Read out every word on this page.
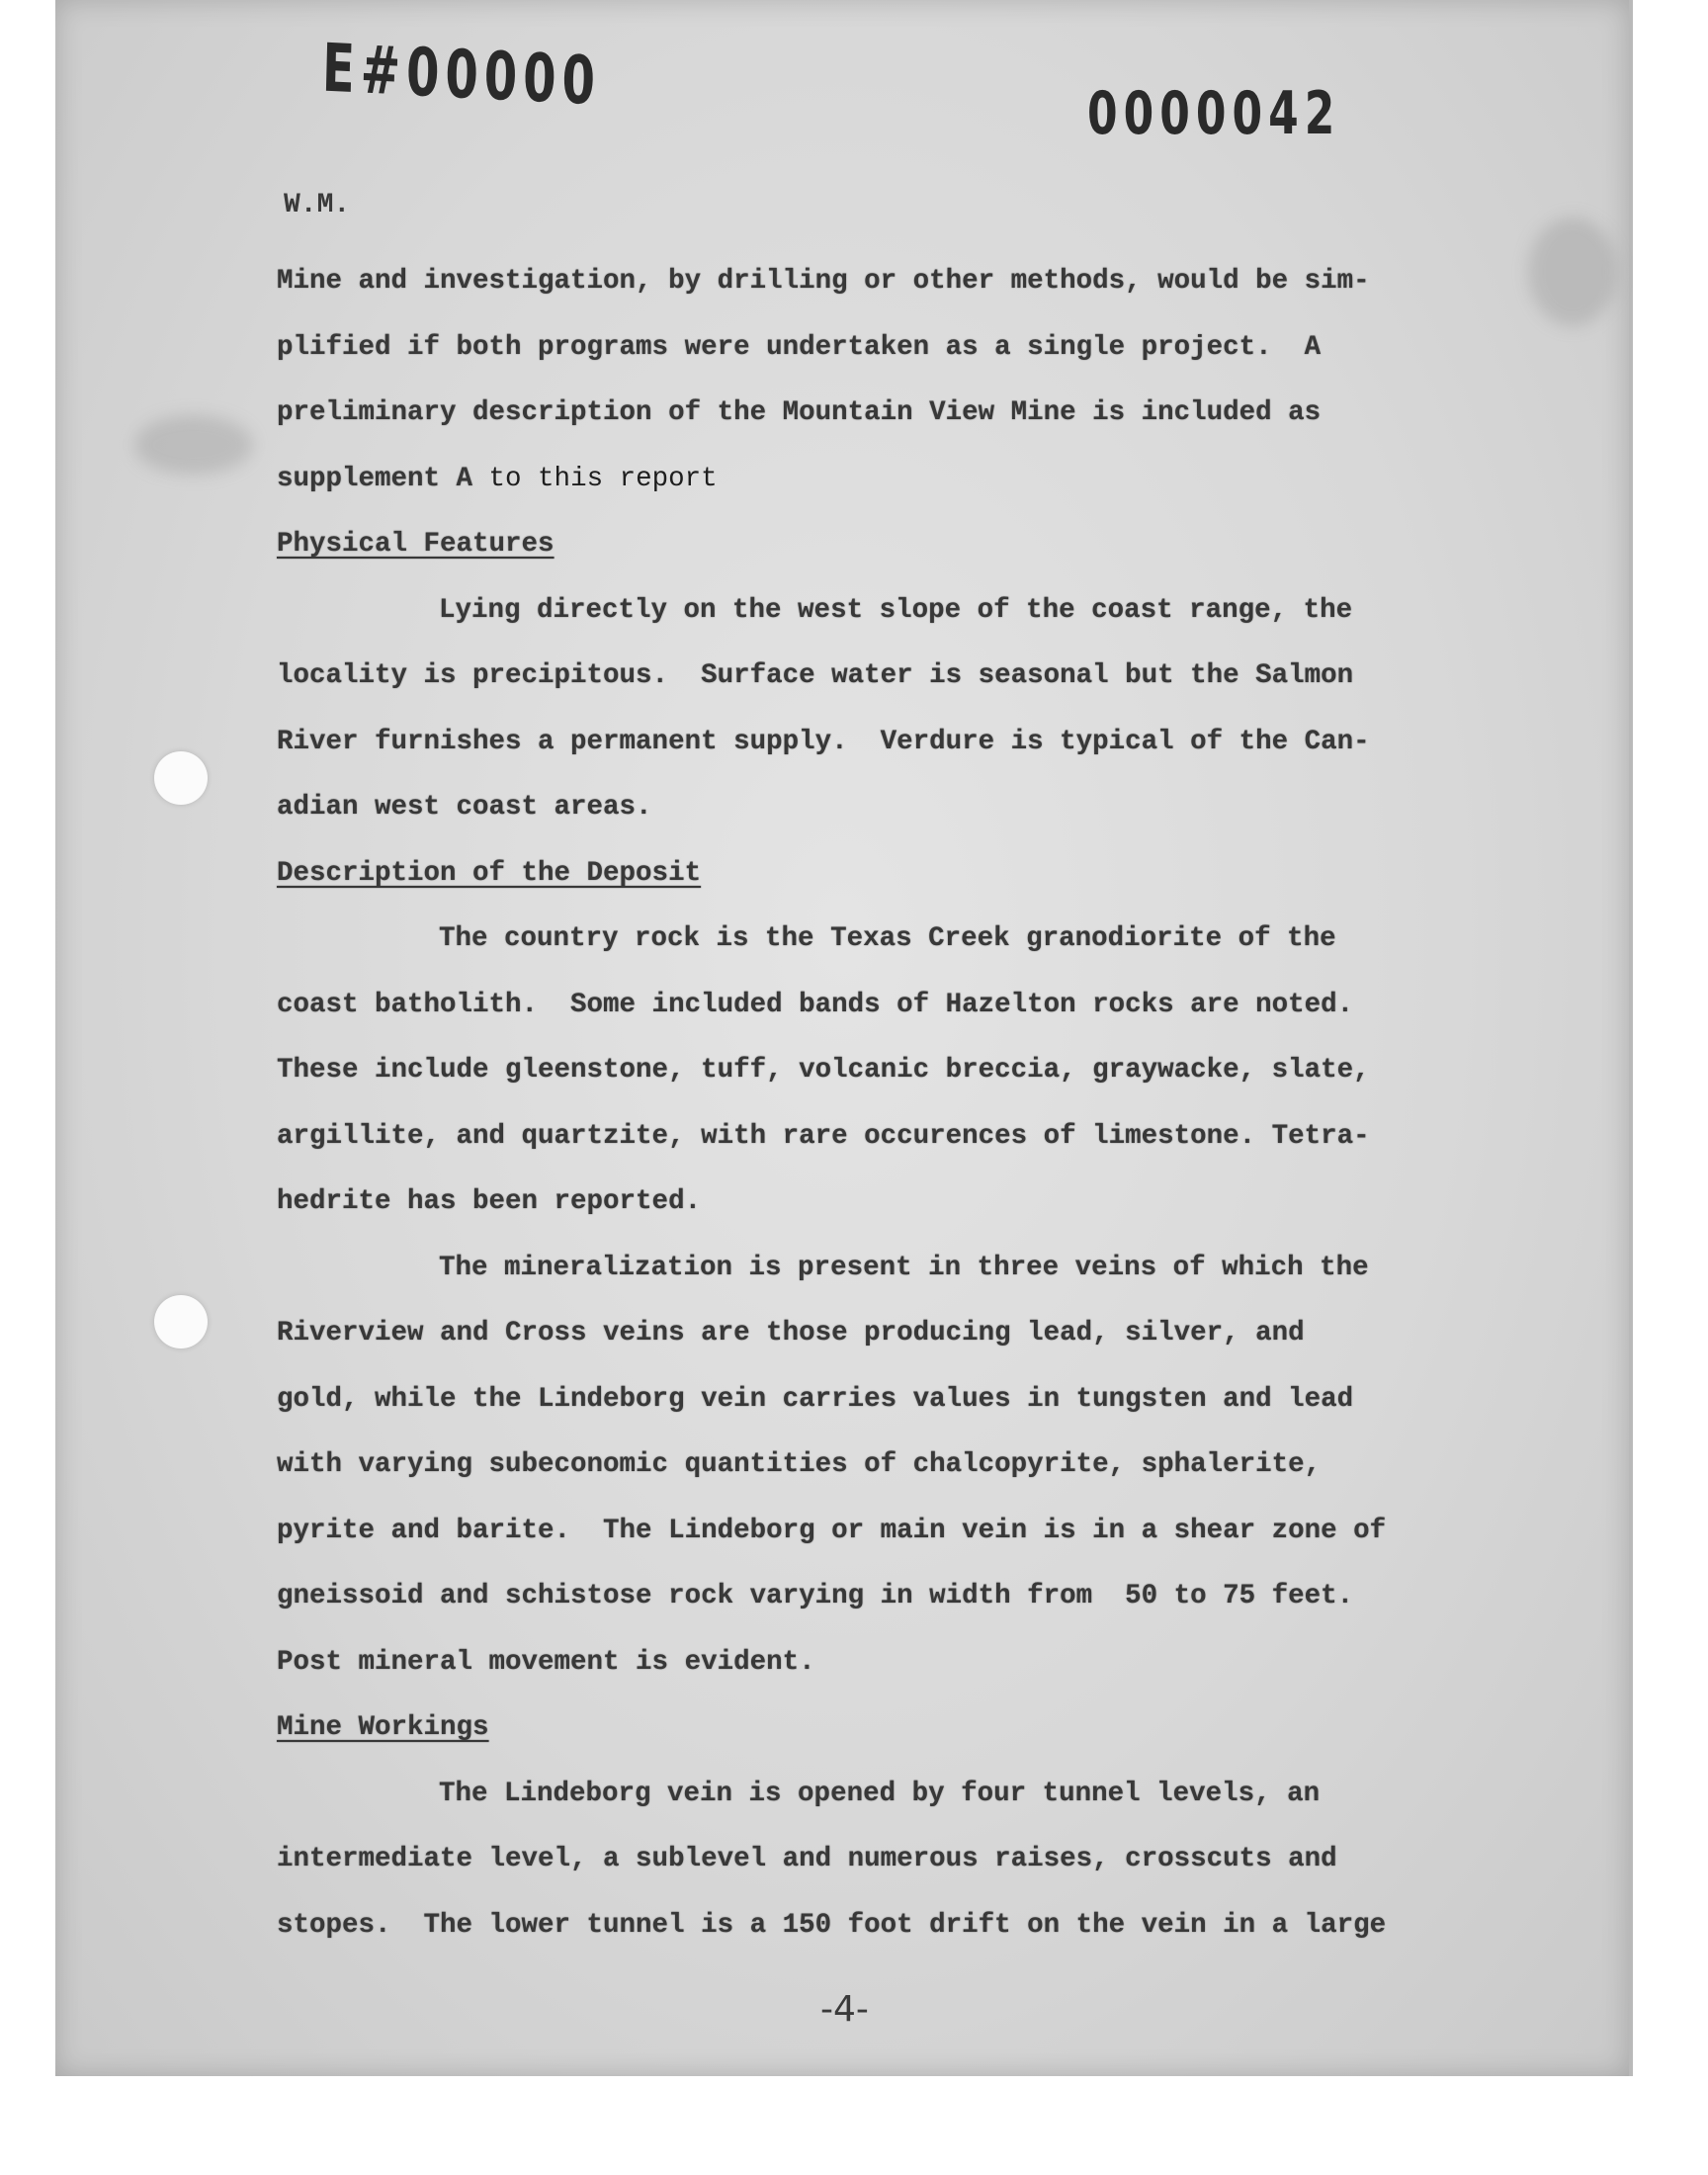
E#00000	0000042
W.M.
Mine and investigation, by drilling or other methods, would be sim-
plified if both programs were undertaken as a single project.  A
preliminary description of the Mountain View Mine is included as
supplement A to this report
Physical Features
Lying directly on the west slope of the coast range, the
locality is precipitous.  Surface water is seasonal but the Salmon
River furnishes a permanent supply.  Verdure is typical of the Can-
adian west coast areas.
Description of the Deposit
The country rock is the Texas Creek granodiorite of the
coast batholith.  Some included bands of Hazelton rocks are noted.
These include gleenstone, tuff, volcanic breccia, graywacke, slate,
argillite, and quartzite, with rare occurences of limestone. Tetra-
hedrite has been reported.
The mineralization is present in three veins of which the
Riverview and Cross veins are those producing lead, silver, and
gold, while the Lindeborg vein carries values in tungsten and lead
with varying subeconomic quantities of chalcopyrite, sphalerite,
pyrite and barite.  The Lindeborg or main vein is in a shear zone of
gneissoid and schistose rock varying in width from  50 to 75 feet.
Post mineral movement is evident.
Mine Workings
The Lindeborg vein is opened by four tunnel levels, an
intermediate level, a sublevel and numerous raises, crosscuts and
stopes.  The lower tunnel is a 150 foot drift on the vein in a large
-4-
